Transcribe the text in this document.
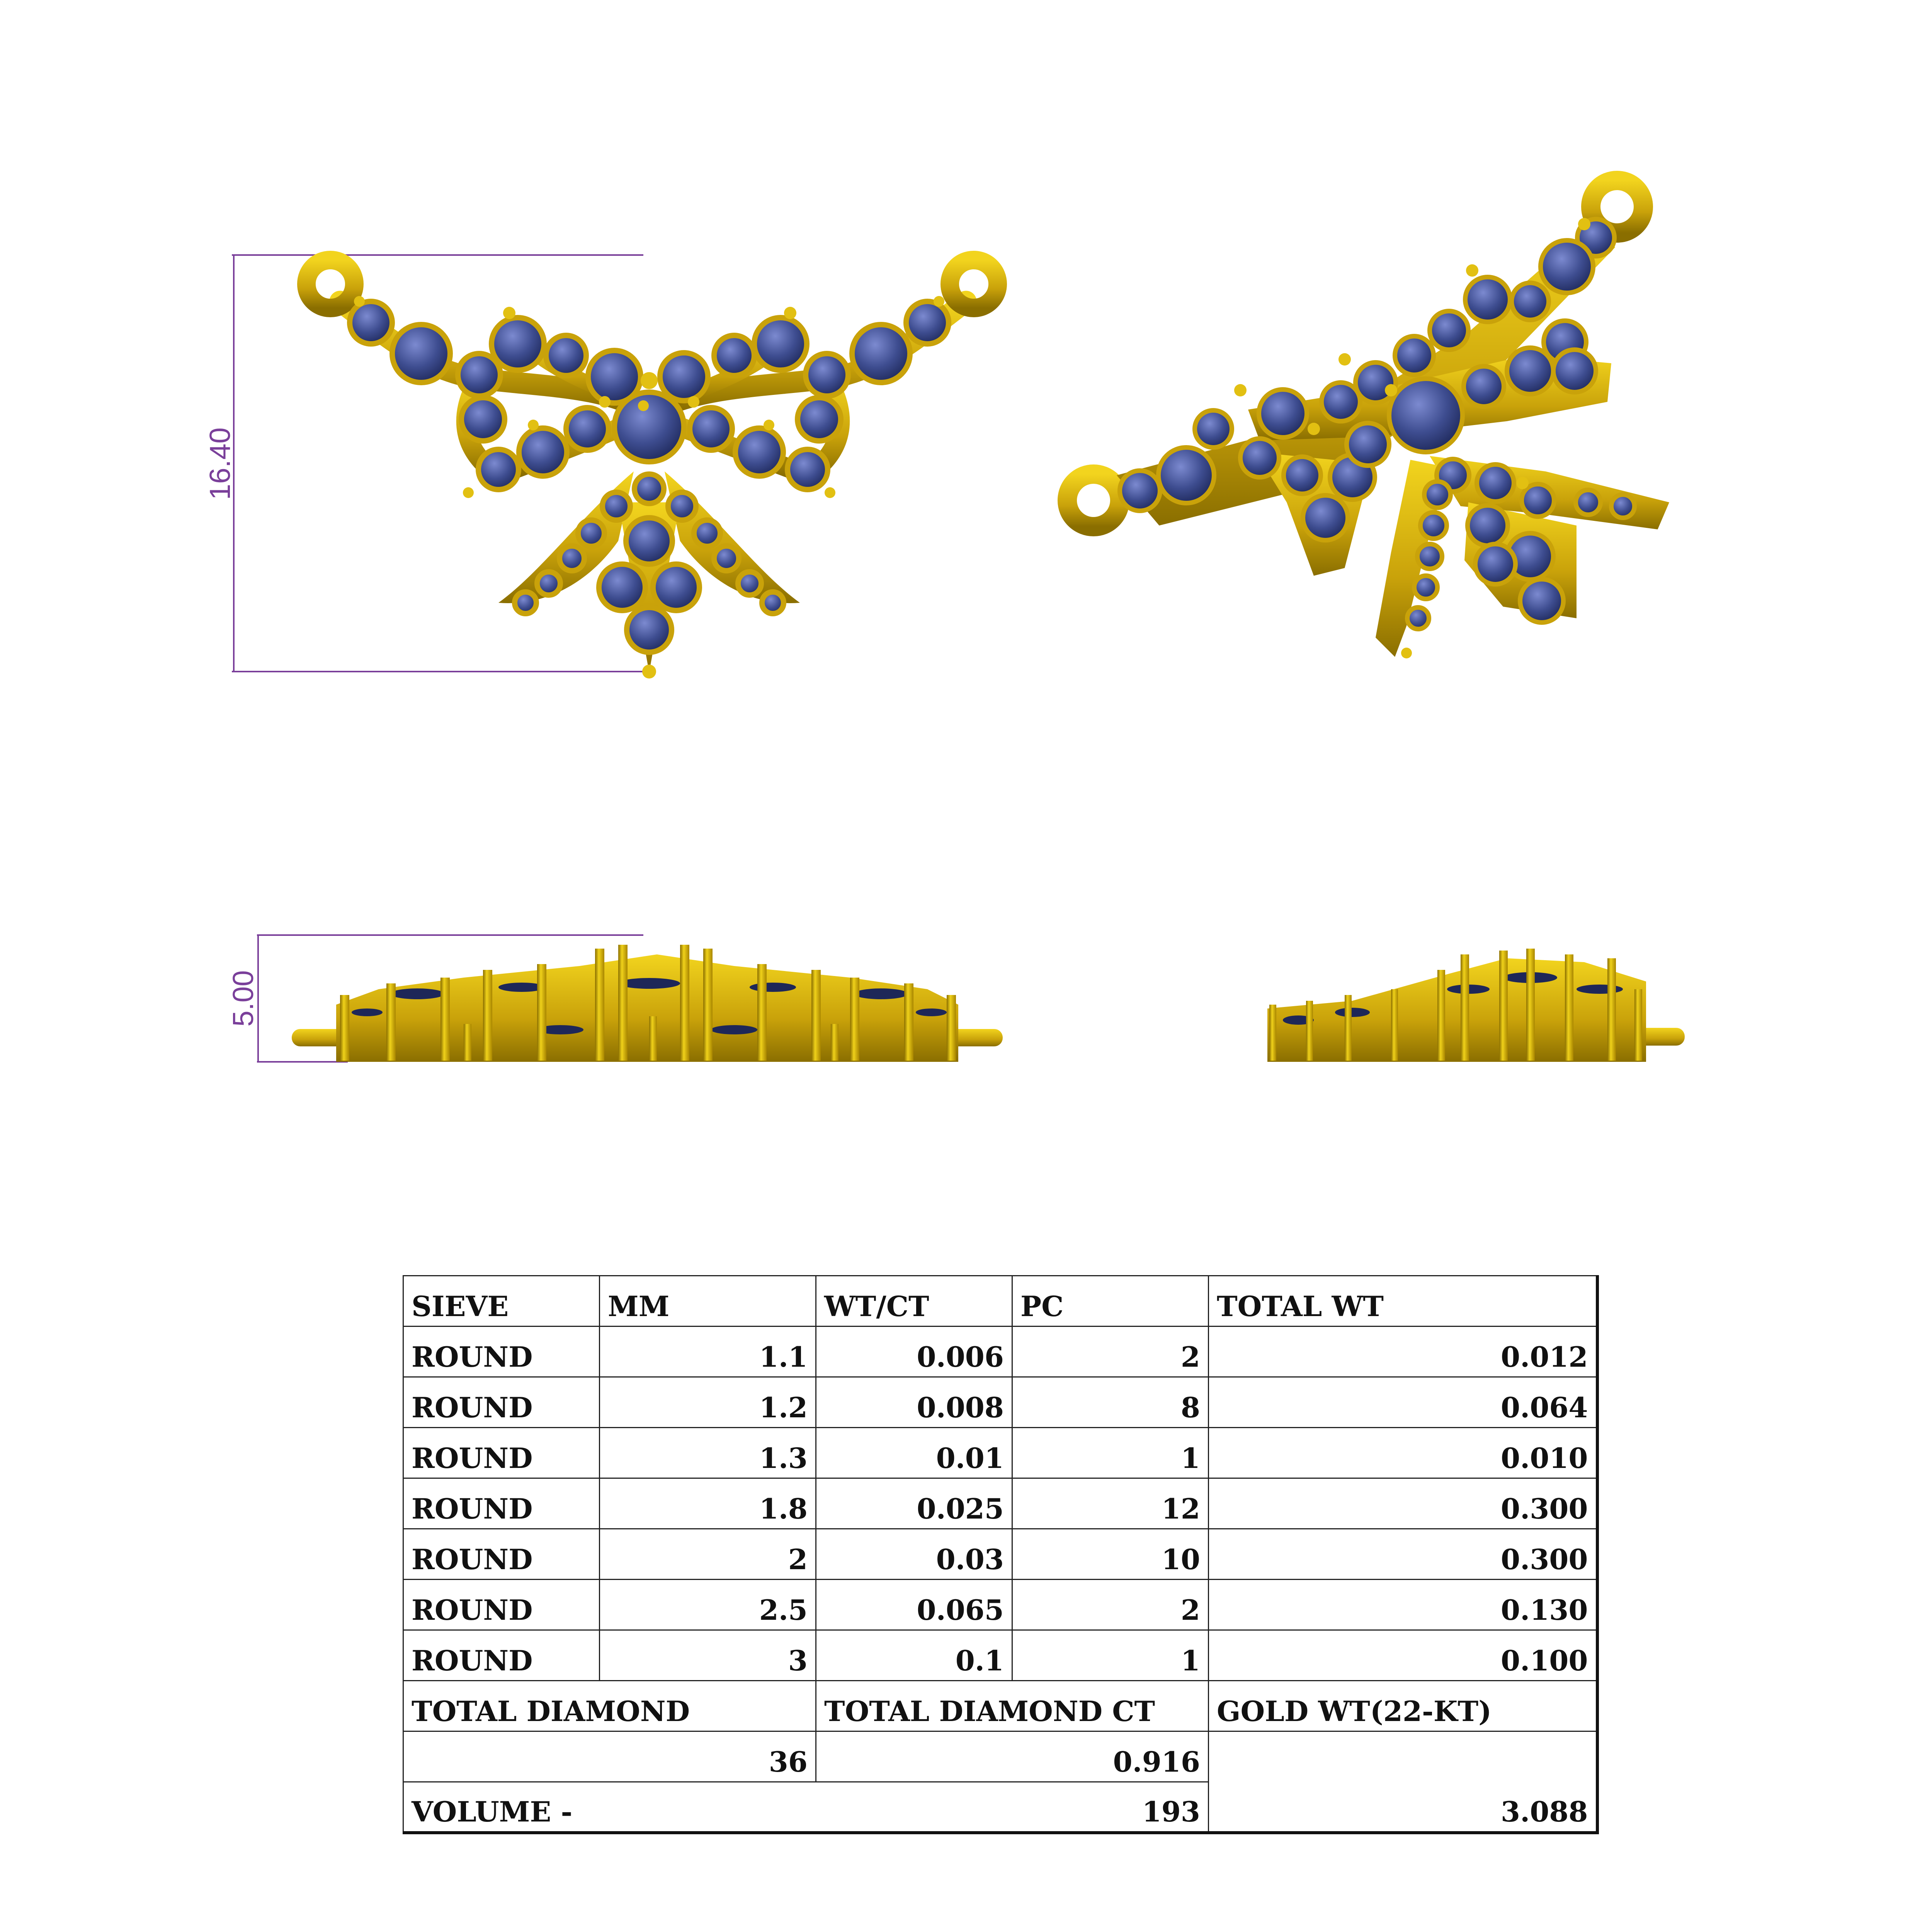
16.40
5.00
SIEVE	MM	WT/CT	PC	TOTAL WT
ROUND	1.1	0.006	2	0.012
ROUND	1.2	0.008	8	0.064
ROUND	1.3	0.01	1	0.010
ROUND	1.8	0.025	12	0.300
ROUND	2	0.03	10	0.300
ROUND	2.5	0.065	2	0.130
ROUND	3	0.1	1	0.100
TOTAL DIAMOND		TOTAL DIAMOND CT		GOLD WT(22-KT)
36		0.916		3.088
VOLUME -		193		
